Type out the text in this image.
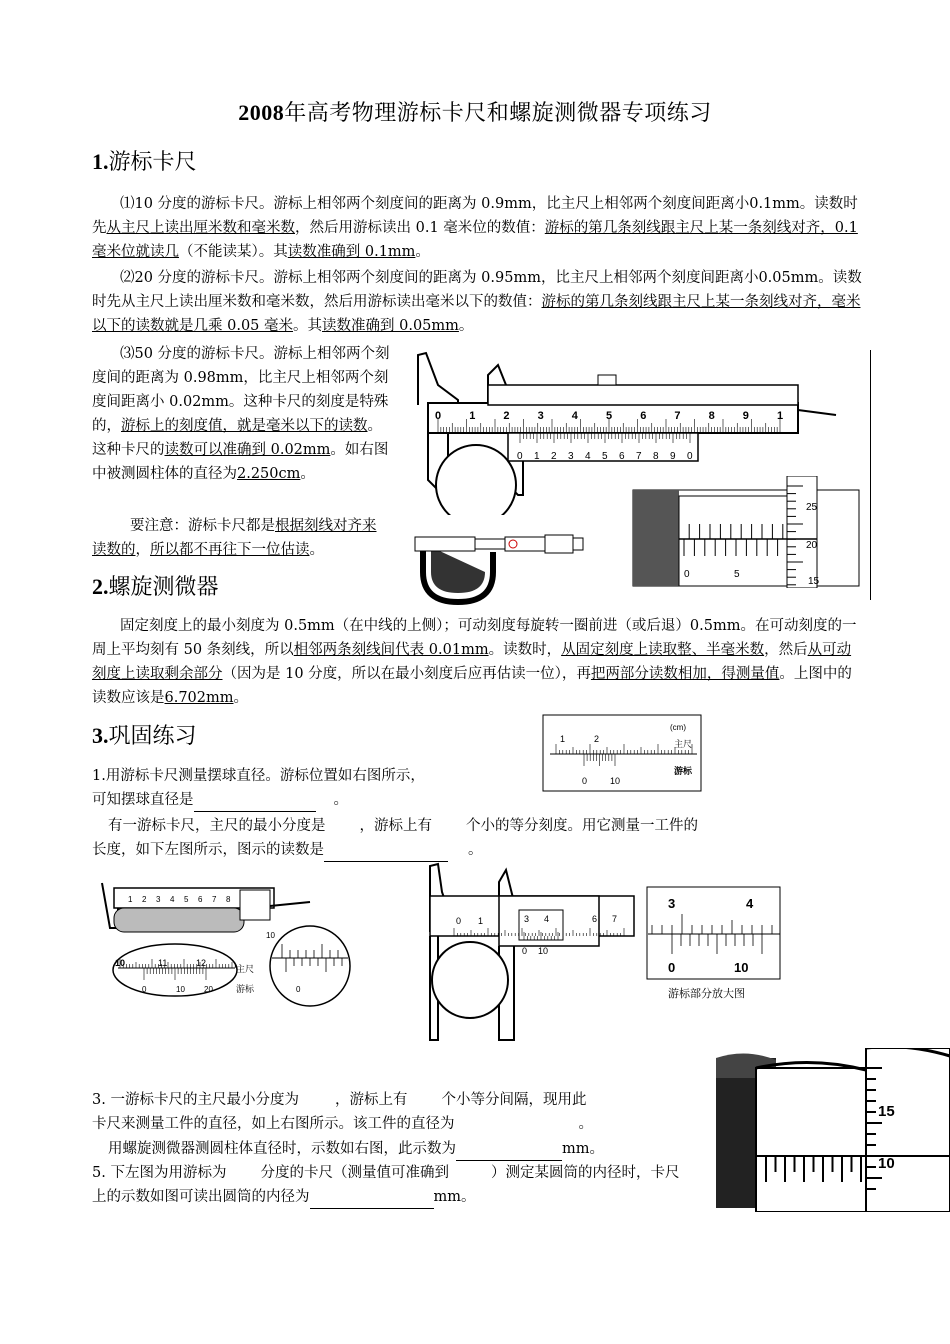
2008年高考物理游标卡尺和螺旋测微器专项练习
1.游标卡尺
⑴10 分度的游标卡尺。游标上相邻两个刻度间的距离为 0.9mm，比主尺上相邻两个刻度间距离小0.1mm。读数时先从主尺上读出厘米数和毫米数，然后用游标读出 0.1 毫米位的数值：游标的第几条刻线跟主尺上某一条刻线对齐，0.1 毫米位就读几（不能读某）。其读数准确到 0.1mm。
⑵20 分度的游标卡尺。游标上相邻两个刻度间的距离为 0.95mm，比主尺上相邻两个刻度间距离小0.05mm。读数时先从主尺上读出厘米数和毫米数，然后用游标读出毫米以下的数值：游标的第几条刻线跟主尺上某一条刻线对齐，毫米以下的读数就是几乘 0.05 毫米。其读数准确到 0.05mm。
⑶50 分度的游标卡尺。游标上相邻两个刻度间的距离为 0.98mm，比主尺上相邻两个刻度间距离小 0.02mm。这种卡尺的刻度是特殊的，游标上的刻度值，就是毫米以下的读数。这种卡尺的读数可以准确到 0.02mm。如右图中被测圆柱体的直径为2.250cm。
要注意：游标卡尺都是根据刻线对齐来读数的，所以都不再往下一位估读。
0	1	2	3	4	5	6	7	8	9	1
0 1 2 3 4 5 6 7 8 9 0
0	5
25
20
15
2.螺旋测微器
固定刻度上的最小刻度为 0.5mm（在中线的上侧）；可动刻度每旋转一圈前进（或后退）0.5mm。在可动刻度的一周上平均刻有 50 条刻线，所以相邻两条刻线间代表 0.01mm。读数时，从固定刻度上读取整、半毫米数，然后从可动刻度上读取剩余部分（因为是 10 分度，所以在最小刻度后应再估读一位），再把两部分读数相加，得测量值。上图中的读数应该是6.702mm。
3.巩固练习	(cm)
1	2	主尺
0	10
游标
1.用游标卡尺测量摆球直径。游标位置如右图所示，
可知摆球直径是	。
有一游标卡尺，主尺的最小分度是 ，游标上有 个小的等分刻度。用它测量一工件的
长度，如下左图所示，图示的读数是	。
1 2 3 4 5 6 7 8
10	11	12
0	10 20
主尺
游标
10
0
0 1	3 4	6 7
0 10
3	4
0	10
游标部分放大图
15
10
3. 一游标卡尺的主尺最小分度为 ，游标上有 个小等分间隔，现用此
卡尺来测量工件的直径，如上右图所示。该工件的直径为	。
用螺旋测微器测圆柱体直径时，示数如右图，此示数为	mm。
5. 下左图为用游标为 分度的卡尺（测量值可准确到	）测定某圆筒的内径时，卡尺
上的示数如图可读出圆筒的内径为	mm。
